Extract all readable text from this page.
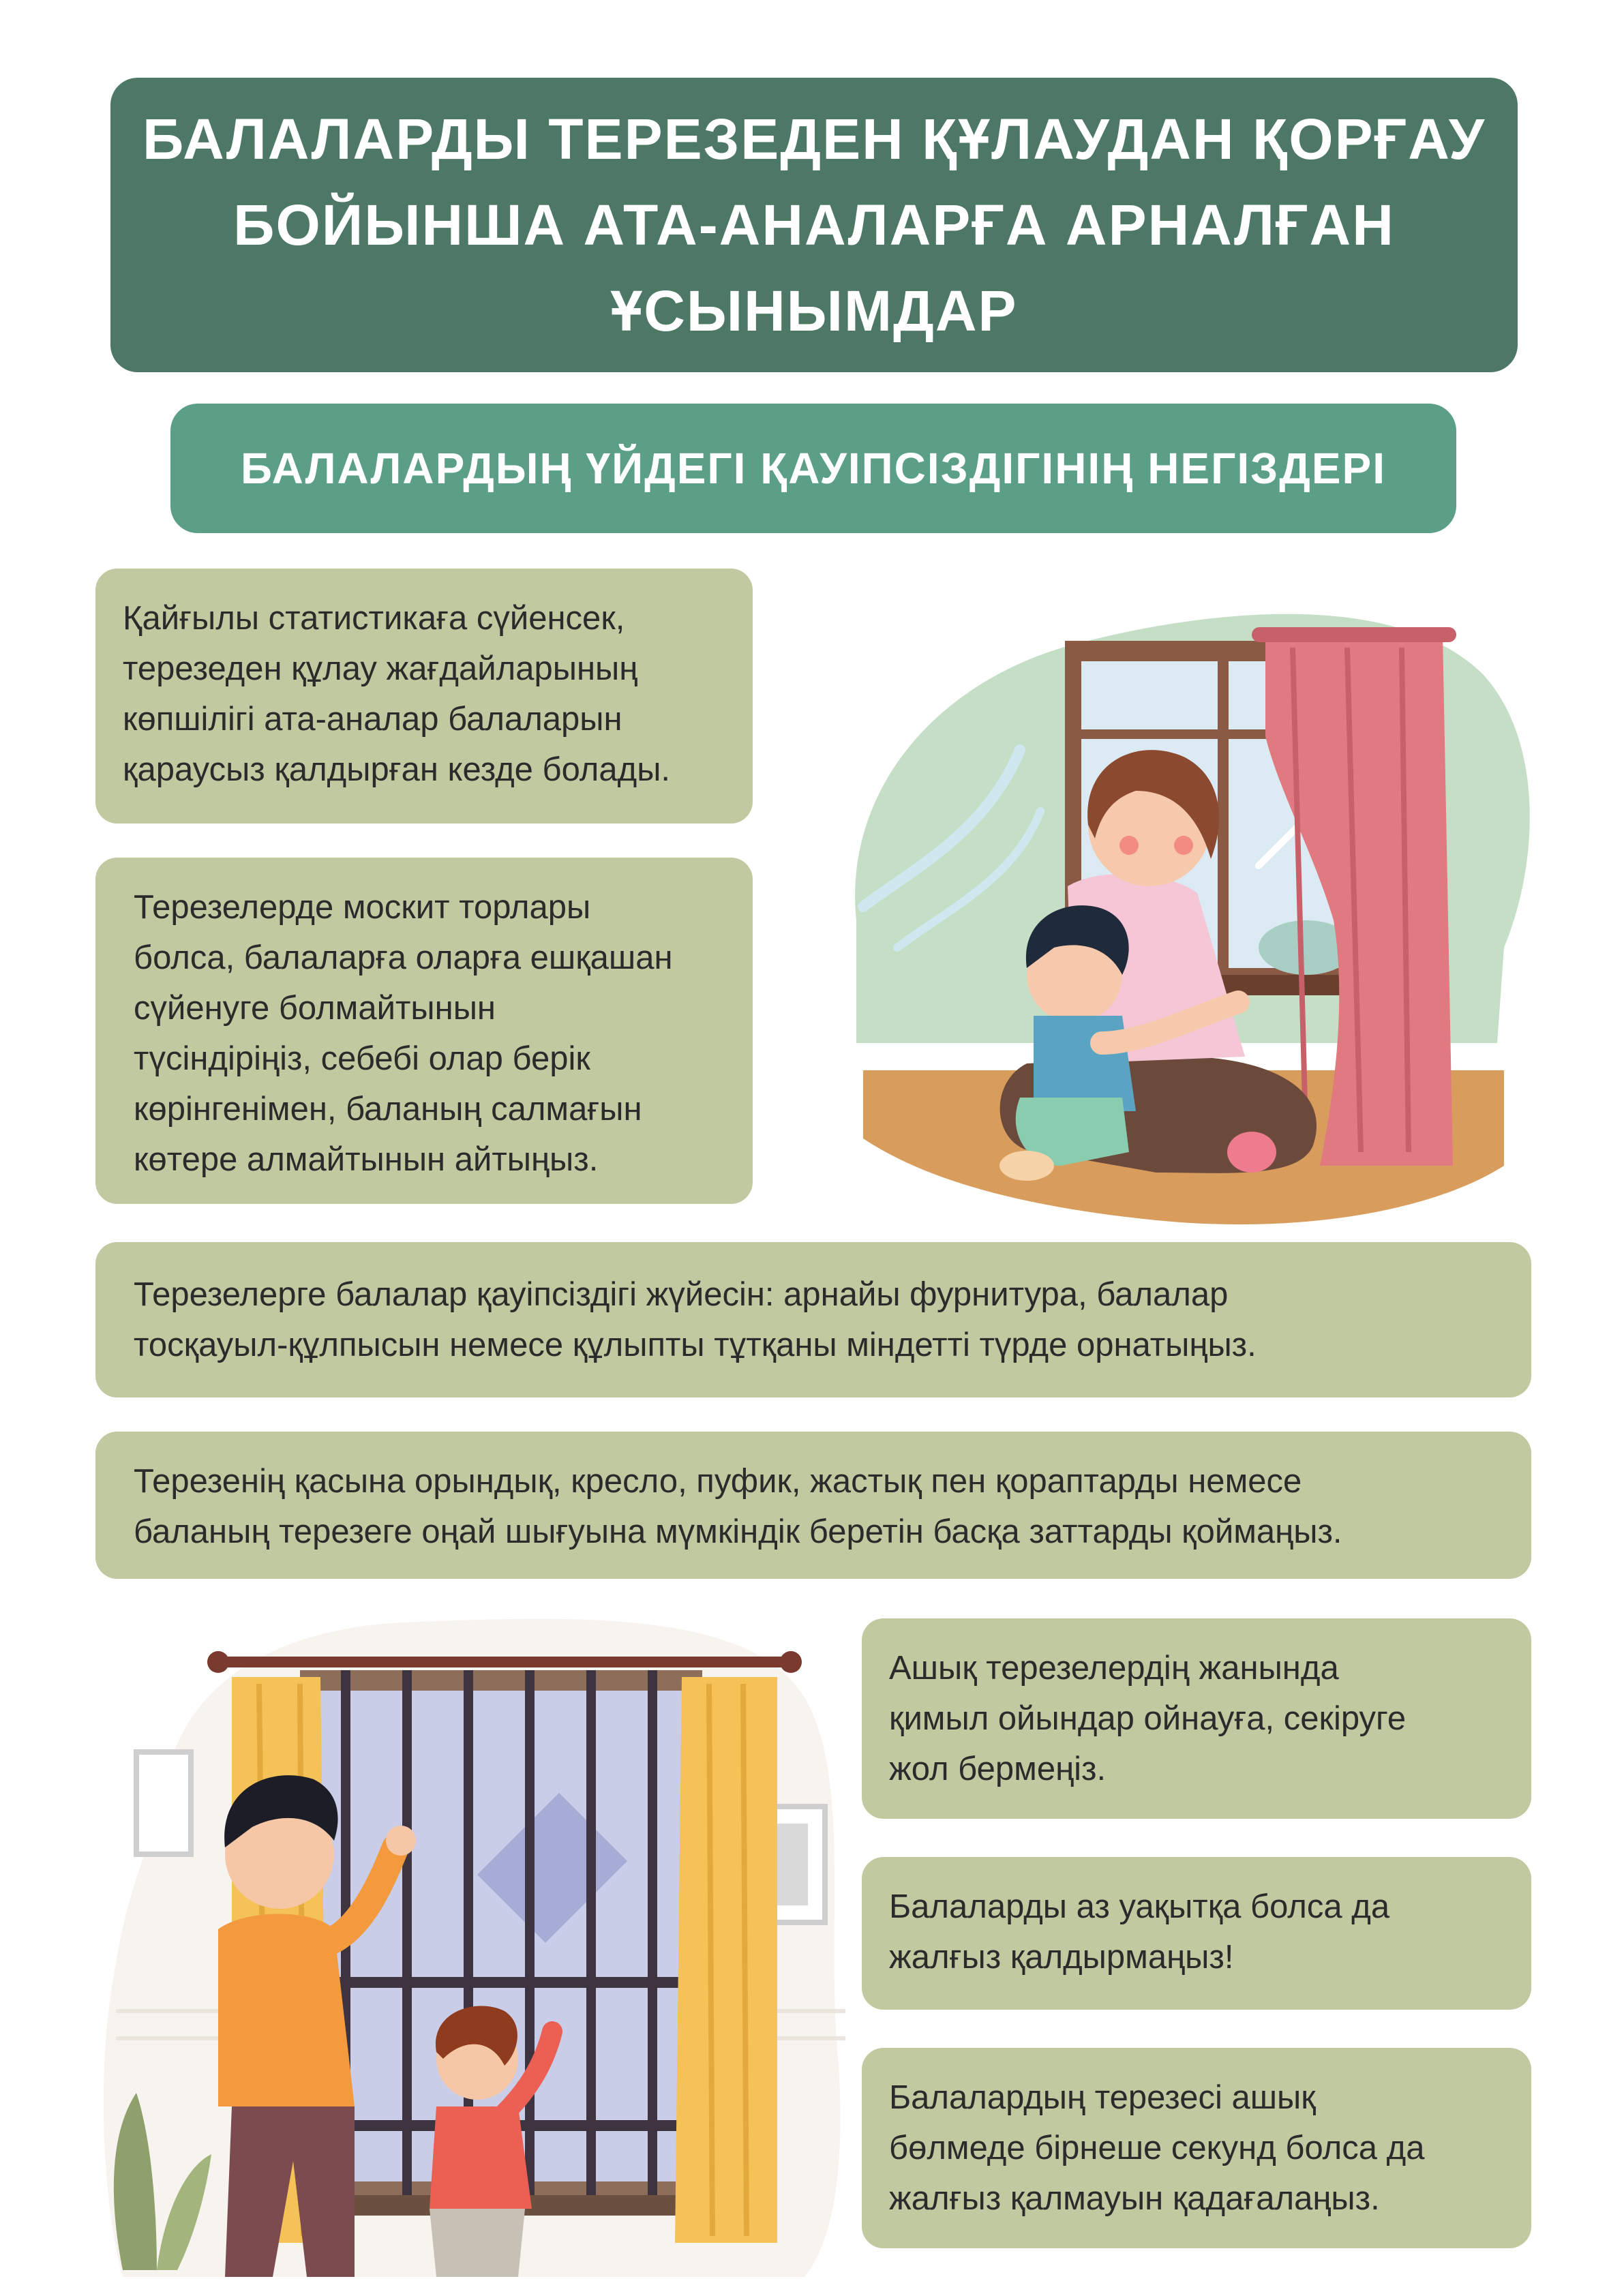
БАЛАЛАРДЫ ТЕРЕЗЕДЕН ҚҰЛАУДАН ҚОРҒАУ
БОЙЫНША АТА-АНАЛАРҒА АРНАЛҒАН
ҰСЫНЫМДАР
БАЛАЛАРДЫҢ ҮЙДЕГІ ҚАУІПСІЗДІГІНІҢ НЕГІЗДЕРІ
Қайғылы статистикаға сүйенсек,
терезеден құлау жағдайларының
көпшілігі ата-аналар балаларын
қараусыз қалдырған кезде болады.
Терезелерде москит торлары
болса, балаларға оларға ешқашан
сүйенуге болмайтынын
түсіндіріңіз, себебі олар берік
көрінгенімен, баланың салмағын
көтере алмайтынын айтыңыз.
Терезелерге балалар қауіпсіздігі жүйесін: арнайы фурнитура, балалар
тосқауыл-құлпысын немесе құлыпты тұтқаны міндетті түрде орнатыңыз.
Терезенің қасына орындық, кресло, пуфик, жастық пен қораптарды немесе
баланың терезеге оңай шығуына мүмкіндік беретін басқа заттарды қоймаңыз.
Ашық терезелердің жанында
қимыл ойындар ойнауға, секіруге
жол бермеңіз.
Балаларды аз уақытқа болса да
жалғыз қалдырмаңыз!
Балалардың терезесі ашық
бөлмеде бірнеше секунд болса да
жалғыз қалмауын қадағалаңыз.
